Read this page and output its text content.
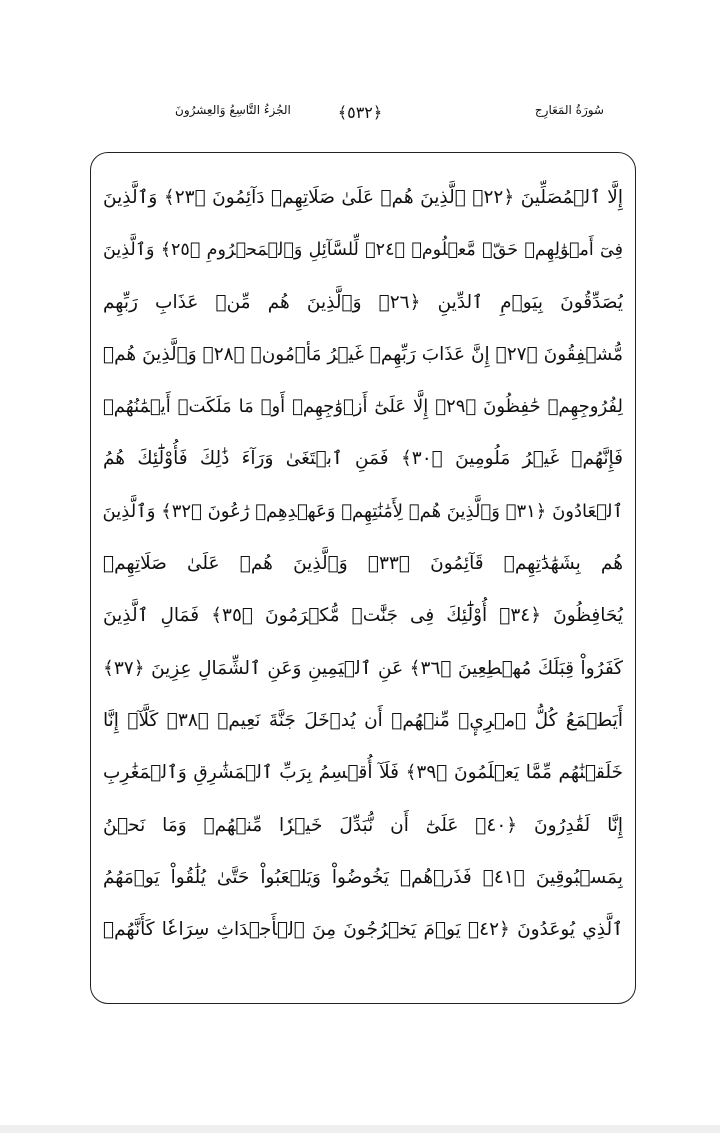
سُورَةُ المَعَارِج
﴿٥٣٢﴾
الجُزءُ التَّاسِعُ وَالعِشرُونَ
إِلَّا ٱلۡمُصَلِّينَ ﴿٢٢﴾ ٱلَّذِينَ هُمۡ عَلَىٰ صَلَاتِهِمۡ دَآئِمُونَ ﴿٢٣﴾ وَٱلَّذِينَ
فِىٓ أَمۡوَٰلِهِمۡ حَقّٞ مَّعۡلُومٞ ﴿٢٤﴾ لِّلسَّآئِلِ وَٱلۡمَحۡرُومِ ﴿٢٥﴾ وَٱلَّذِينَ
يُصَدِّقُونَ بِيَوۡمِ ٱلدِّينِ ﴿٢٦﴾ وَٱلَّذِينَ هُم مِّنۡ عَذَابِ رَبِّهِم
مُّشۡفِقُونَ ﴿٢٧﴾ إِنَّ عَذَابَ رَبِّهِمۡ غَيۡرُ مَأۡمُونٖ ﴿٢٨﴾ وَٱلَّذِينَ هُمۡ
لِفُرُوجِهِمۡ حَٰفِظُونَ ﴿٢٩﴾ إِلَّا عَلَىٰٓ أَزۡوَٰجِهِمۡ أَوۡ مَا مَلَكَتۡ أَيۡمَٰنُهُمۡ
فَإِنَّهُمۡ غَيۡرُ مَلُومِينَ ﴿٣٠﴾ فَمَنِ ٱبۡتَغَىٰ وَرَآءَ ذَٰلِكَ فَأُوْلَٰٓئِكَ هُمُ
ٱلۡعَادُونَ ﴿٣١﴾ وَٱلَّذِينَ هُمۡ لِأَمَٰنَٰتِهِمۡ وَعَهۡدِهِمۡ رَٰعُونَ ﴿٣٢﴾ وَٱلَّذِينَ
هُم بِشَهَٰدَٰتِهِمۡ قَآئِمُونَ ﴿٣٣﴾ وَٱلَّذِينَ هُمۡ عَلَىٰ صَلَاتِهِمۡ
يُحَافِظُونَ ﴿٣٤﴾ أُوْلَٰٓئِكَ فِى جَنَّٰتٖ مُّكۡرَمُونَ ﴿٣٥﴾ فَمَالِ ٱلَّذِينَ
كَفَرُواْ قِبَلَكَ مُهۡطِعِينَ ﴿٣٦﴾ عَنِ ٱلۡيَمِينِ وَعَنِ ٱلشِّمَالِ عِزِينَ ﴿٣٧﴾
أَيَطۡمَعُ كُلُّ ٱمۡرِيٕٖ مِّنۡهُمۡ أَن يُدۡخَلَ جَنَّةَ نَعِيمٖ ﴿٣٨﴾ كَلَّآۖ إِنَّا
خَلَقۡنَٰهُم مِّمَّا يَعۡلَمُونَ ﴿٣٩﴾ فَلَآ أُقۡسِمُ بِرَبِّ ٱلۡمَشَٰرِقِ وَٱلۡمَغَٰرِبِ
إِنَّا لَقَٰدِرُونَ ﴿٤٠﴾ عَلَىٰٓ أَن نُّبَدِّلَ خَيۡرٗا مِّنۡهُمۡ وَمَا نَحۡنُ
بِمَسۡبُوقِينَ ﴿٤١﴾ فَذَرۡهُمۡ يَخُوضُواْ وَيَلۡعَبُواْ حَتَّىٰ يُلَٰقُواْ يَوۡمَهُمُ
ٱلَّذِي يُوعَدُونَ ﴿٤٢﴾ يَوۡمَ يَخۡرُجُونَ مِنَ ٱلۡأَجۡدَاثِ سِرَاعٗا كَأَنَّهُمۡ
